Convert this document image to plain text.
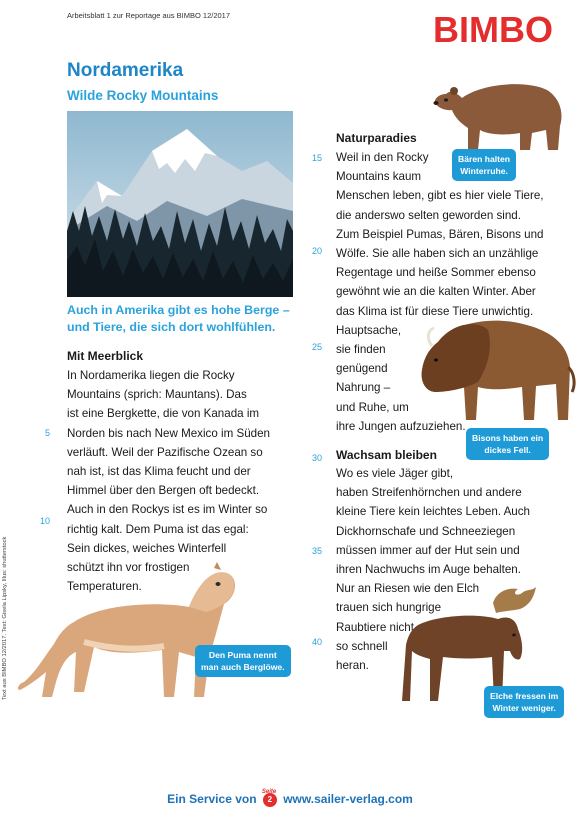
Arbeitsblatt 1 zur Reportage aus BIMBO 12/2017	BIMBO
Nordamerika
Wilde Rocky Mountains
Auch in Amerika gibt es hohe Berge – und Tiere, die sich dort wohlfühlen.
Mit Meerblick
In Nordamerika liegen die Rocky
Mountains (sprich: Mauntans). Das
ist eine Bergkette, die von Kanada im
Norden bis nach New Mexico im Süden
verläuft. Weil der Pazifische Ozean so
nah ist, ist das Klima feucht und der
Himmel über den Bergen oft bedeckt.
Auch in den Rockys ist es im Winter so
richtig kalt. Dem Puma ist das egal:
Sein dickes, weiches Winterfell
schützt ihn vor frostigen
Temperaturen.
5
10
Text aus BIMBO 12/2017. Text: Gisela Lipsky, Illus: shutterstock
Naturparadies
Weil in den Rocky
Mountains kaum
Menschen leben, gibt es hier viele Tiere,
die anderswo selten geworden sind.
Zum Beispiel Pumas, Bären, Bisons und
Wölfe. Sie alle haben sich an unzählige
Regentage und heiße Sommer ebenso
gewöhnt wie an die kalten Winter. Aber
das Klima ist für diese Tiere unwichtig.
Hauptsache,
sie finden
genügend
Nahrung –
und Ruhe, um
ihre Jungen aufzuziehen.
15
20
25
Wachsam bleiben
Wo es viele Jäger gibt,
haben Streifenhörnchen und andere
kleine Tiere kein leichtes Leben. Auch
Dickhornschafe und Schneeziegen
müssen immer auf der Hut sein und
ihren Nachwuchs im Auge behalten.
Nur an Riesen wie den Elch
trauen sich hungrige
Raubtiere nicht
so schnell
heran.
30
35
40
Bären halten
Winterruhe.
Bisons haben ein
dickes Fell.
Den Puma nennt
man auch Berglöwe.
Elche fressen im
Winter weniger.
Ein Service von
Seite
2 www.sailer-verlag.com
